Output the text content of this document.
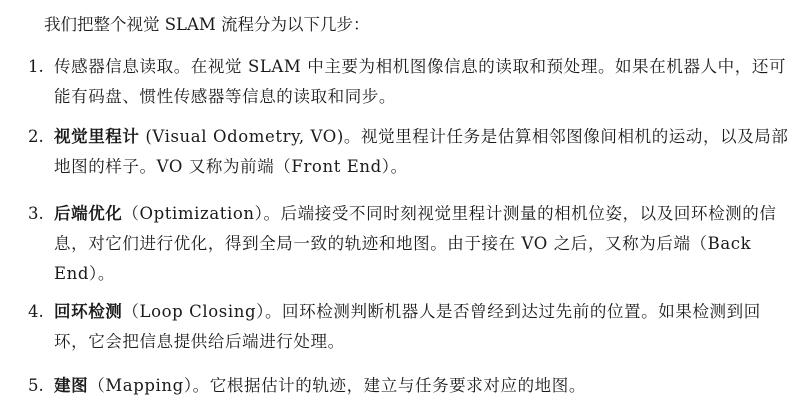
我们把整个视觉 SLAM 流程分为以下几步：
1. 传感器信息读取。在视觉 SLAM 中主要为相机图像信息的读取和预处理。如果在机器人中，还可能有码盘、惯性传感器等信息的读取和同步。
2. 视觉里程计 (Visual Odometry, VO)。视觉里程计任务是估算相邻图像间相机的运动，以及局部地图的样子。VO 又称为前端（Front End）。
3. 后端优化（Optimization）。后端接受不同时刻视觉里程计测量的相机位姿，以及回环检测的信息，对它们进行优化，得到全局一致的轨迹和地图。由于接在 VO 之后，又称为后端（Back End）。
4. 回环检测（Loop Closing）。回环检测判断机器人是否曾经到达过先前的位置。如果检测到回环，它会把信息提供给后端进行处理。
5. 建图（Mapping）。它根据估计的轨迹，建立与任务要求对应的地图。
